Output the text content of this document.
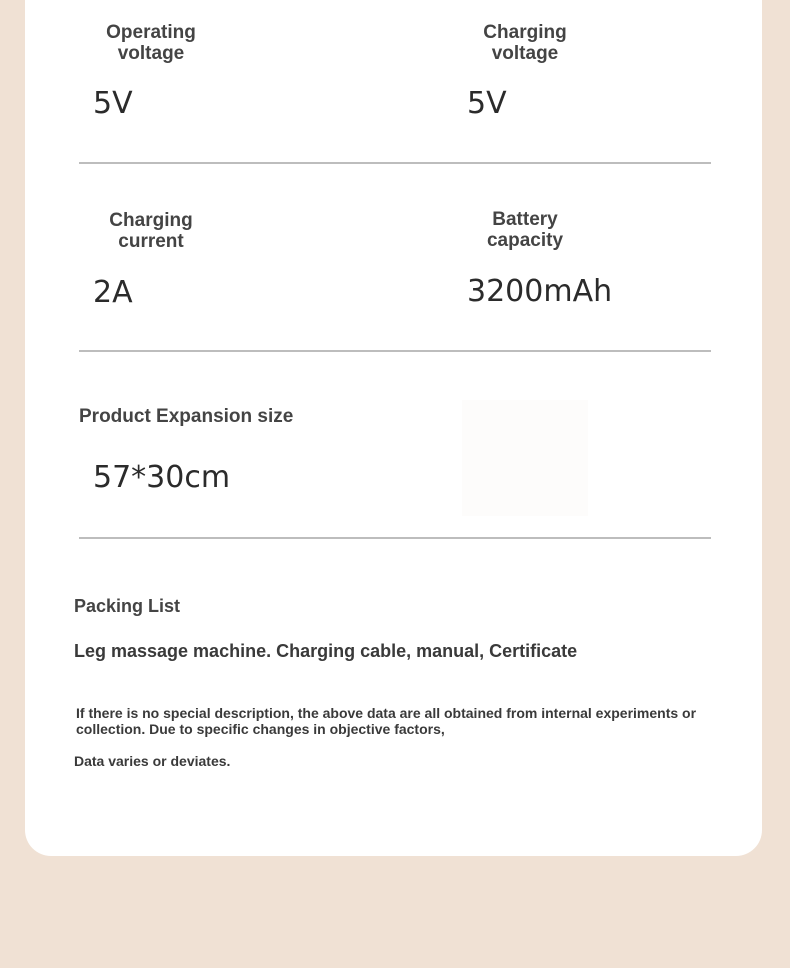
Operating
voltage
5V
Charging
voltage
5V
Charging
current
2A
Battery
capacity
3200mAh
Product Expansion size
57*30cm
Packing List
Leg massage machine. Charging cable, manual, Certificate
If there is no special description, the above data are all obtained from internal experiments or collection. Due to specific changes in objective factors,
Data varies or deviates.
